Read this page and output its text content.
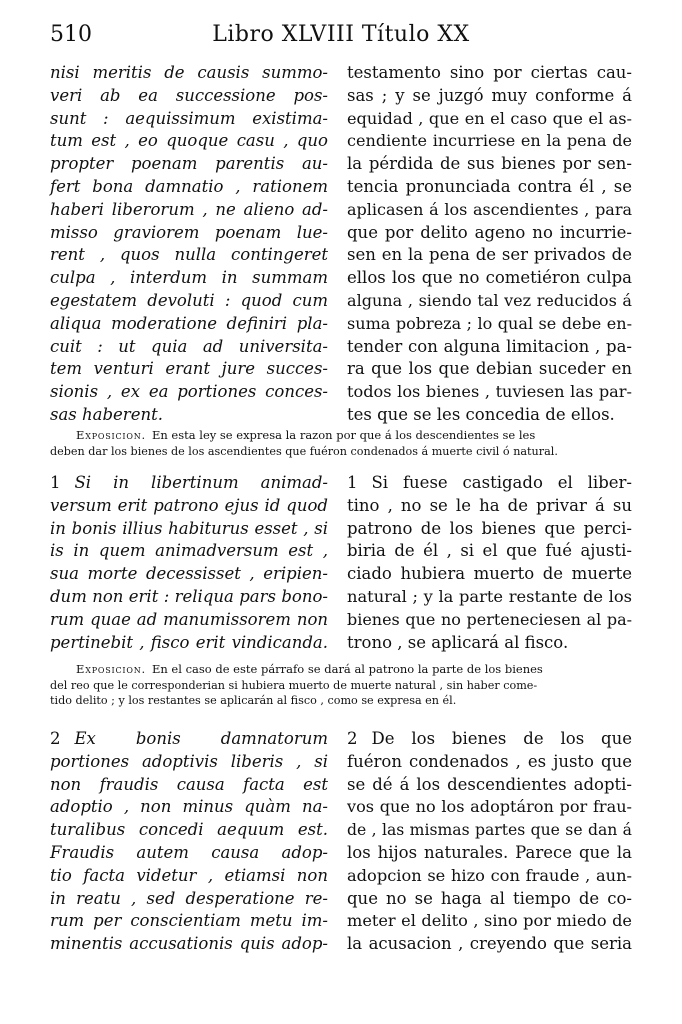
510	Libro XLVIII Título XX
nisi meritis de causis summo-
veri ab ea successione pos-
sunt : aequissimum existima-
tum est , eo quoque casu , quo
propter poenam parentis au-
fert bona damnatio , rationem
haberi liberorum , ne alieno ad-
misso graviorem poenam lue-
rent , quos nulla contingeret
culpa , interdum in summam
egestatem devoluti : quod cum
aliqua moderatione definiri pla-
cuit : ut quia ad universita-
tem venturi erant jure succes-
sionis , ex ea portiones conces-
sas haberent.
testamento sino por ciertas cau-
sas ; y se juzgó muy conforme á
equidad , que en el caso que el as-
cendiente incurriese en la pena de
la pérdida de sus bienes por sen-
tencia pronunciada contra él , se
aplicasen á los ascendientes , para
que por delito ageno no incurrie-
sen en la pena de ser privados de
ellos los que no cometiéron culpa
alguna , siendo tal vez reducidos á
suma pobreza ; lo qual se debe en-
tender con alguna limitacion , pa-
ra que los que debian suceder en
todos los bienes , tuviesen las par-
tes que se les concedia de ellos.
Exposicion. En esta ley se expresa la razon por que á los descendientes se les
deben dar los bienes de los ascendientes que fuéron condenados á muerte civil ó natural.
1 Si in libertinum animad-
versum erit patrono ejus id quod
in bonis illius habiturus esset , si
is in quem animadversum est ,
sua morte decessisset , eripien-
dum non erit : reliqua pars bono-
rum quae ad manumissorem non
pertinebit , fisco erit vindicanda.
1 Si fuese castigado el liber-
tino , no se le ha de privar á su
patrono de los bienes que perci-
biria de él , si el que fué ajusti-
ciado hubiera muerto de muerte
natural ; y la parte restante de los
bienes que no perteneciesen al pa-
trono , se aplicará al fisco.
Exposicion. En el caso de este párrafo se dará al patrono la parte de los bienes
del reo que le corresponderian si hubiera muerto de muerte natural , sin haber come-
tido delito ; y los restantes se aplicarán al fisco , como se expresa en él.
2 Ex bonis damnatorum
portiones adoptivis liberis , si
non fraudis causa facta est
adoptio , non minus quàm na-
turalibus concedi aequum est.
Fraudis autem causa adop-
tio facta videtur , etiamsi non
in reatu , sed desperatione re-
rum per conscientiam metu im-
minentis accusationis quis adop-
2 De los bienes de los que
fuéron condenados , es justo que
se dé á los descendientes adopti-
vos que no los adoptáron por frau-
de , las mismas partes que se dan á
los hijos naturales. Parece que la
adopcion se hizo con fraude , aun-
que no se haga al tiempo de co-
meter el delito , sino por miedo de
la acusacion , creyendo que seria
